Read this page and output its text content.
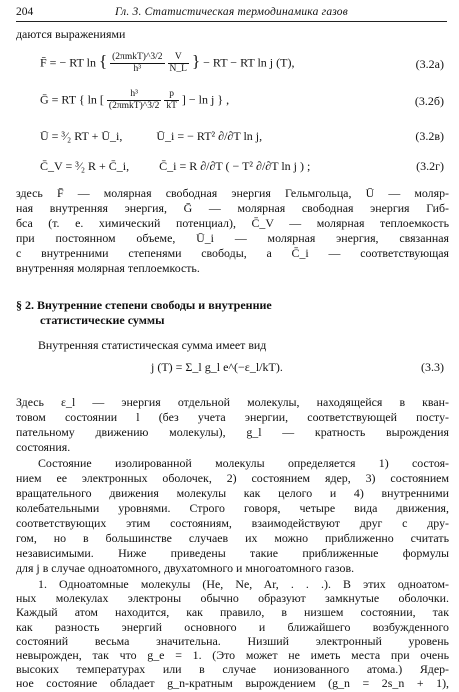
204	Гл. 3. Статистическая термодинамика газов
даются выражениями
F̄ = − RT ln { $\frac{\text{(2πmkT)\textasciicircum{}3/2}}{\text{h³}}$
$\frac{V}{N\_L}$ } − RT − RT ln j (T),	(3.2а)
Ḡ = RT { ln [ $\frac{\text{h³}}{\text{(2πmkT)\textasciicircum{}3/2}}$
$\frac{p}{kT}$ ] − ln j } ,	(3.2б)
Ū = ³⁄₂ RT + Ū_i,	Ū_i = − RT² ∂/∂T ln j,	(3.2в)
C̄_V = ³⁄₂ R + C̄_i,	C̄_i = R ∂/∂T ( − T² ∂/∂T ln j ) ;	(3.2г)
здесь F̄ — молярная свободная энергия Гельмгольца, Ū — моляр-
ная внутренняя энергия, Ḡ — молярная свободная энергия Гиб-
бса (т. е. химический потенциал), C̄_V — молярная теплоемкость
при постоянном объеме, Ū_i — молярная энергия, связанная
с внутренними степенями свободы, а C̄_i — соответствующая
внутренняя молярная теплоемкость.
§ 2. Внутренние степени свободы и внутренние
статистические суммы
Внутренняя статистическая сумма имеет вид
j (T) = Σ_l g_l e^(−ε_l/kT).	(3.3)
Здесь ε_l — энергия отдельной молекулы, находящейся в кван-
товом состоянии l (без учета энергии, соответствующей посту-
пательному движению молекулы), g_l — кратность вырождения
состояния.
Состояние изолированной молекулы определяется 1) состоя-
нием ее электронных оболочек, 2) состоянием ядер, 3) состоянием
вращательного движения молекулы как целого и 4) внутренними
колебательными уровнями. Строго говоря, четыре вида движения,
соответствующих этим состояниям, взаимодействуют друг с дру-
гом, но в большинстве случаев их можно приближенно считать
независимыми. Ниже приведены такие приближенные формулы
для j в случае одноатомного, двухатомного и многоатомного газов.
1. Одноатомные молекулы (He, Ne, Ar, . . .). В этих одноатом-
ных молекулах электроны обычно образуют замкнутые оболочки.
Каждый атом находится, как правило, в низшем состоянии, так
как разность энергий основного и ближайшего возбужденного
состояний весьма значительна. Низший электронный уровень
невырожден, так что g_e = 1. (Это может не иметь места при очень
высоких температурах или в случае ионизованного атома.) Ядер-
ное состояние обладает g_n-кратным вырождением (g_n = 2s_n + 1),
